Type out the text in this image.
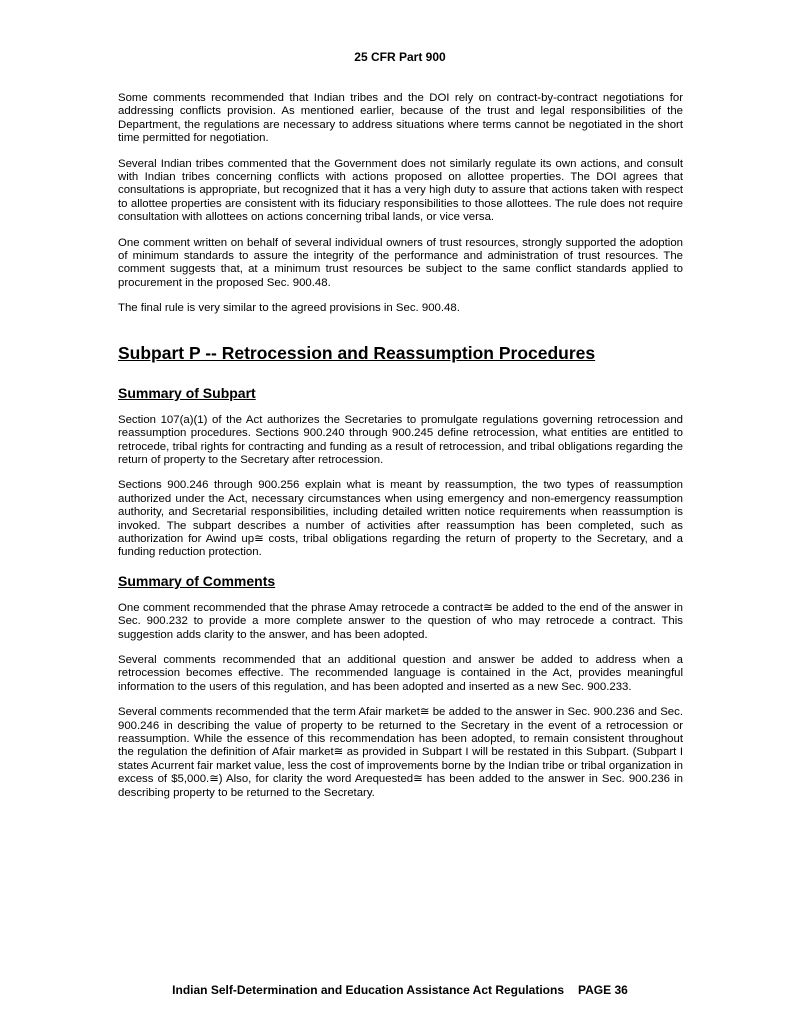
25 CFR Part 900

Some comments recommended that Indian tribes and the DOI rely on contract-by-contract negotiations for addressing conflicts provision. As mentioned earlier, because of the trust and legal responsibilities of the Department, the regulations are necessary to address situations where terms cannot be negotiated in the short time permitted for negotiation.

Several Indian tribes commented that the Government does not similarly regulate its own actions, and consult with Indian tribes concerning conflicts with actions proposed on allottee properties. The DOI agrees that consultations is appropriate, but recognized that it has a very high duty to assure that actions taken with respect to allottee properties are consistent with its fiduciary responsibilities to those allottees. The rule does not require consultation with allottees on actions concerning tribal lands, or vice versa.

One comment written on behalf of several individual owners of trust resources, strongly supported the adoption of minimum standards to assure the integrity of the performance and administration of trust resources. The comment suggests that, at a minimum trust resources be subject to the same conflict standards applied to procurement in the proposed Sec. 900.48.

The final rule is very similar to the agreed provisions in Sec. 900.48.

Subpart P -- Retrocession and Reassumption Procedures
Summary of Subpart

Section 107(a)(1) of the Act authorizes the Secretaries to promulgate regulations governing retrocession and reassumption procedures. Sections 900.240 through 900.245 define retrocession, what entities are entitled to retrocede, tribal rights for contracting and funding as a result of retrocession, and tribal obligations regarding the return of property to the Secretary after retrocession.

Sections 900.246 through 900.256 explain what is meant by reassumption, the two types of reassumption authorized under the Act, necessary circumstances when using emergency and non-emergency reassumption authority, and Secretarial responsibilities, including detailed written notice requirements when reassumption is invoked. The subpart describes a number of activities after reassumption has been completed, such as authorization for Awind up≅ costs, tribal obligations regarding the return of property to the Secretary, and a funding reduction protection.

Summary of Comments

One comment recommended that the phrase Amay retrocede a contract≅ be added to the end of the answer in Sec. 900.232 to provide a more complete answer to the question of who may retrocede a contract. This suggestion adds clarity to the answer, and has been adopted.

Several comments recommended that an additional question and answer be added to address when a retrocession becomes effective. The recommended language is contained in the Act, provides meaningful information to the users of this regulation, and has been adopted and inserted as a new Sec. 900.233.

Several comments recommended that the term Afair market≅ be added to the answer in Sec. 900.236 and Sec. 900.246 in describing the value of property to be returned to the Secretary in the event of a retrocession or reassumption. While the essence of this recommendation has been adopted, to remain consistent throughout the regulation the definition of Afair market≅ as provided in Subpart I will be restated in this Subpart. (Subpart I states Acurrent fair market value, less the cost of improvements borne by the Indian tribe or tribal organization in excess of $5,000.≅) Also, for clarity the word Arequested≅ has been added to the answer in Sec. 900.236 in describing property to be returned to the Secretary.

Indian Self-Determination and Education Assistance Act Regulations PAGE 36
